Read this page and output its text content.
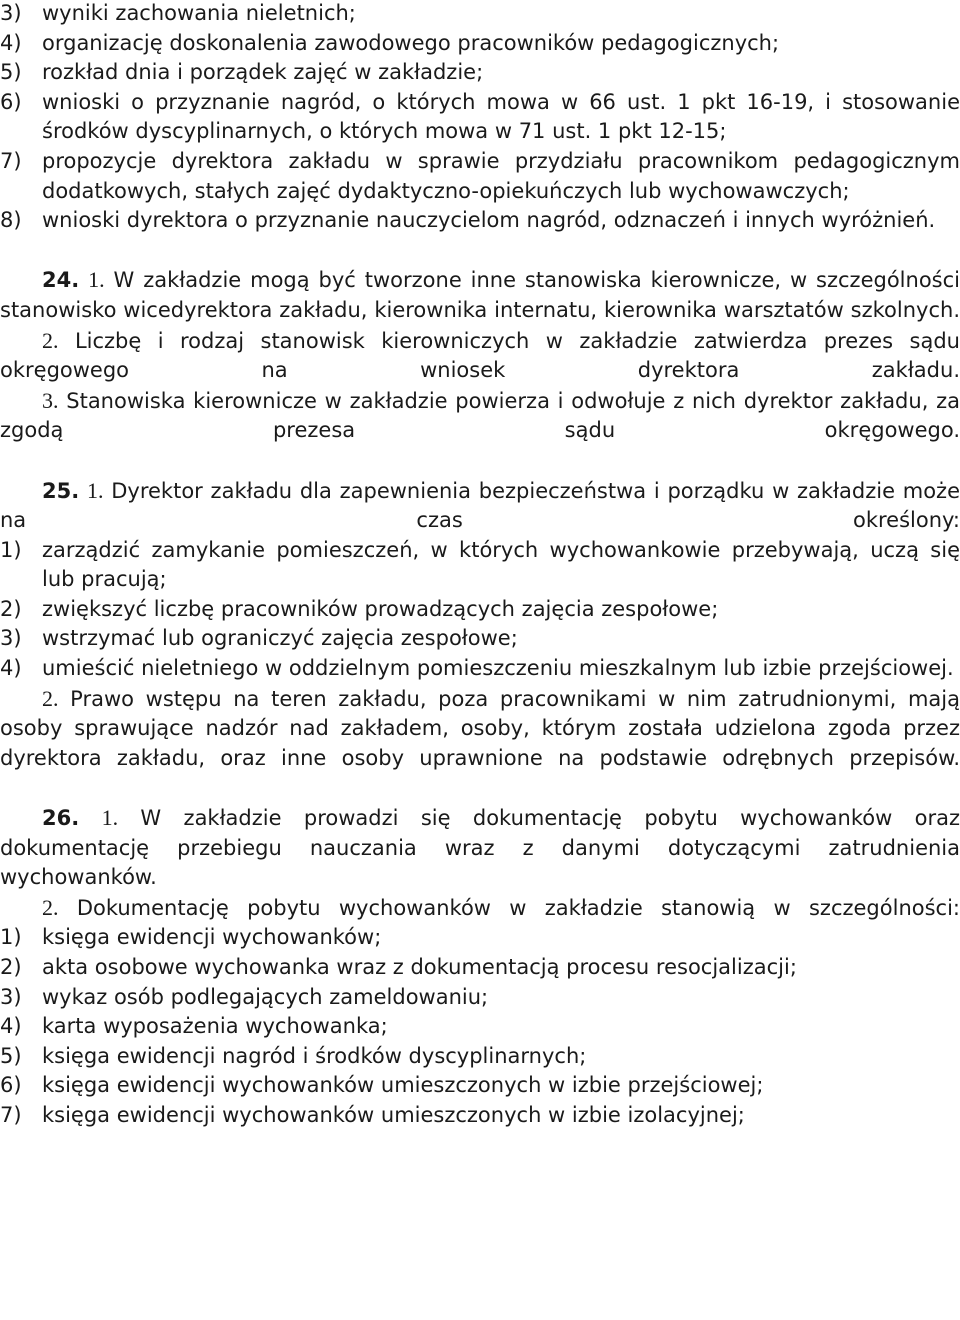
3) wyniki zachowania nieletnich;
4) organizację doskonalenia zawodowego pracowników pedagogicznych;
5) rozkład dnia i porządek zajęć w zakładzie;
6) wnioski o przyznanie nagród, o których mowa w 66 ust. 1 pkt 16-19, i stosowanie środków dyscyplinarnych, o których mowa w 71 ust. 1 pkt 12-15;
7) propozycje dyrektora zakładu w sprawie przydziału pracownikom pedagogicznym dodatkowych, stałych zajęć dydaktyczno-opiekuńczych lub wychowawczych;
8) wnioski dyrektora o przyznanie nauczycielom nagród, odznaczeń i innych wyróżnień.
24. 1. W zakładzie mogą być tworzone inne stanowiska kierownicze, w szczególności stanowisko wicedyrektora zakładu, kierownika internatu, kierownika warsztatów szkolnych.
2. Liczbę i rodzaj stanowisk kierowniczych w zakładzie zatwierdza prezes sądu okręgowego na wniosek dyrektora zakładu.
3. Stanowiska kierownicze w zakładzie powierza i odwołuje z nich dyrektor zakładu, za zgodą prezesa sądu okręgowego.
25. 1. Dyrektor zakładu dla zapewnienia bezpieczeństwa i porządku w zakładzie może na czas określony:
1) zarządzić zamykanie pomieszczeń, w których wychowankowie przebywają, uczą się lub pracują;
2) zwiększyć liczbę pracowników prowadzących zajęcia zespołowe;
3) wstrzymać lub ograniczyć zajęcia zespołowe;
4) umieścić nieletniego w oddzielnym pomieszczeniu mieszkalnym lub izbie przejściowej.
2. Prawo wstępu na teren zakładu, poza pracownikami w nim zatrudnionymi, mają osoby sprawujące nadzór nad zakładem, osoby, którym została udzielona zgoda przez dyrektora zakładu, oraz inne osoby uprawnione na podstawie odrębnych przepisów.
26. 1. W zakładzie prowadzi się dokumentację pobytu wychowanków oraz dokumentację przebiegu nauczania wraz z danymi dotyczącymi zatrudnienia wychowanków.
2. Dokumentację pobytu wychowanków w zakładzie stanowią w szczególności:
1) księga ewidencji wychowanków;
2) akta osobowe wychowanka wraz z dokumentacją procesu resocjalizacji;
3) wykaz osób podlegających zameldowaniu;
4) karta wyposażenia wychowanka;
5) księga ewidencji nagród i środków dyscyplinarnych;
6) księga ewidencji wychowanków umieszczonych w izbie przejściowej;
7) księga ewidencji wychowanków umieszczonych w izbie izolacyjnej;
